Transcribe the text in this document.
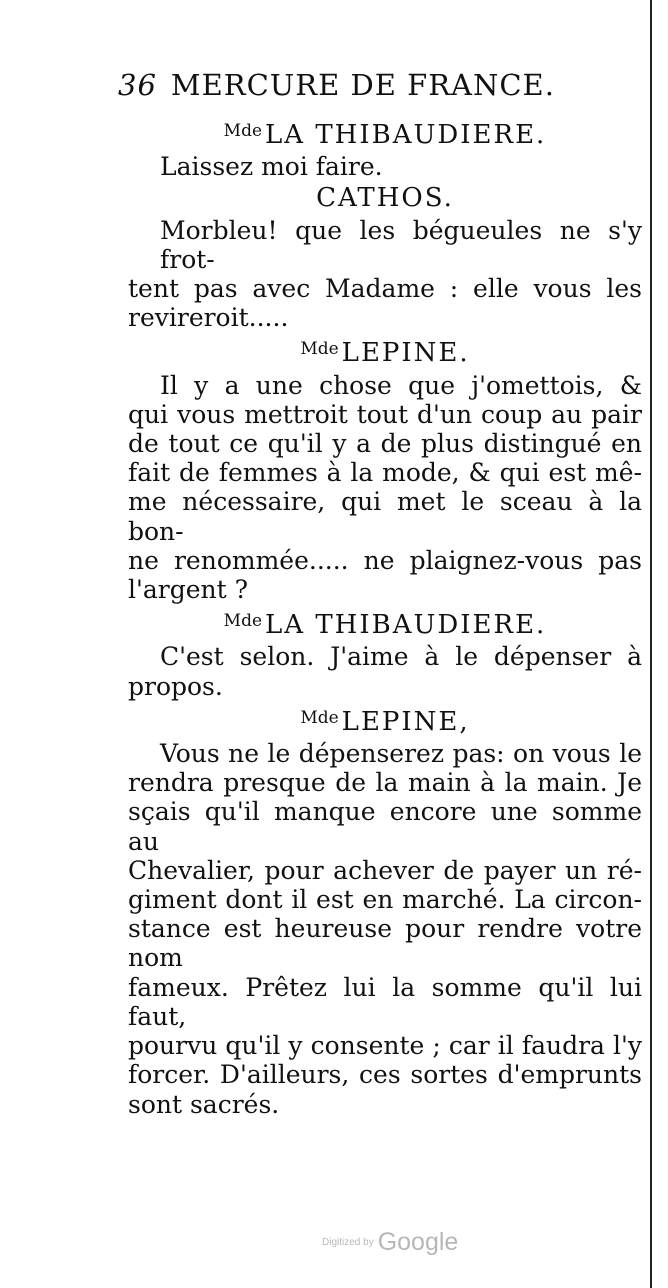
36 MERCURE DE FRANCE.
$^{Mde}$ LA THIBAUDIERE.
Laissez moi faire.
CATHOS.
Morbleu! que les bégueules ne s'y frot-
tent pas avec Madame : elle vous les
revireroit.....
$^{Mde}$ LEPINE.
Il y a une chose que j'omettois, &
qui vous mettroit tout d'un coup au pair
de tout ce qu'il y a de plus distingué en
fait de femmes à la mode, & qui est mê-
me nécessaire, qui met le sceau à la bon-
ne renommée..... ne plaignez-vous pas
l'argent ?
$^{Mde}$ LA THIBAUDIERE.
C'est selon. J'aime à le dépenser à
propos.
$^{Mde}$ LEPINE,
Vous ne le dépenserez pas: on vous le
rendra presque de la main à la main. Je
sçais qu'il manque encore une somme au
Chevalier, pour achever de payer un ré-
giment dont il est en marché. La circon-
stance est heureuse pour rendre votre nom
fameux. Prêtez lui la somme qu'il lui faut,
pourvu qu'il y consente ; car il faudra l'y
forcer. D'ailleurs, ces sortes d'emprunts
sont sacrés.
$^{Digitized by}$ Google
